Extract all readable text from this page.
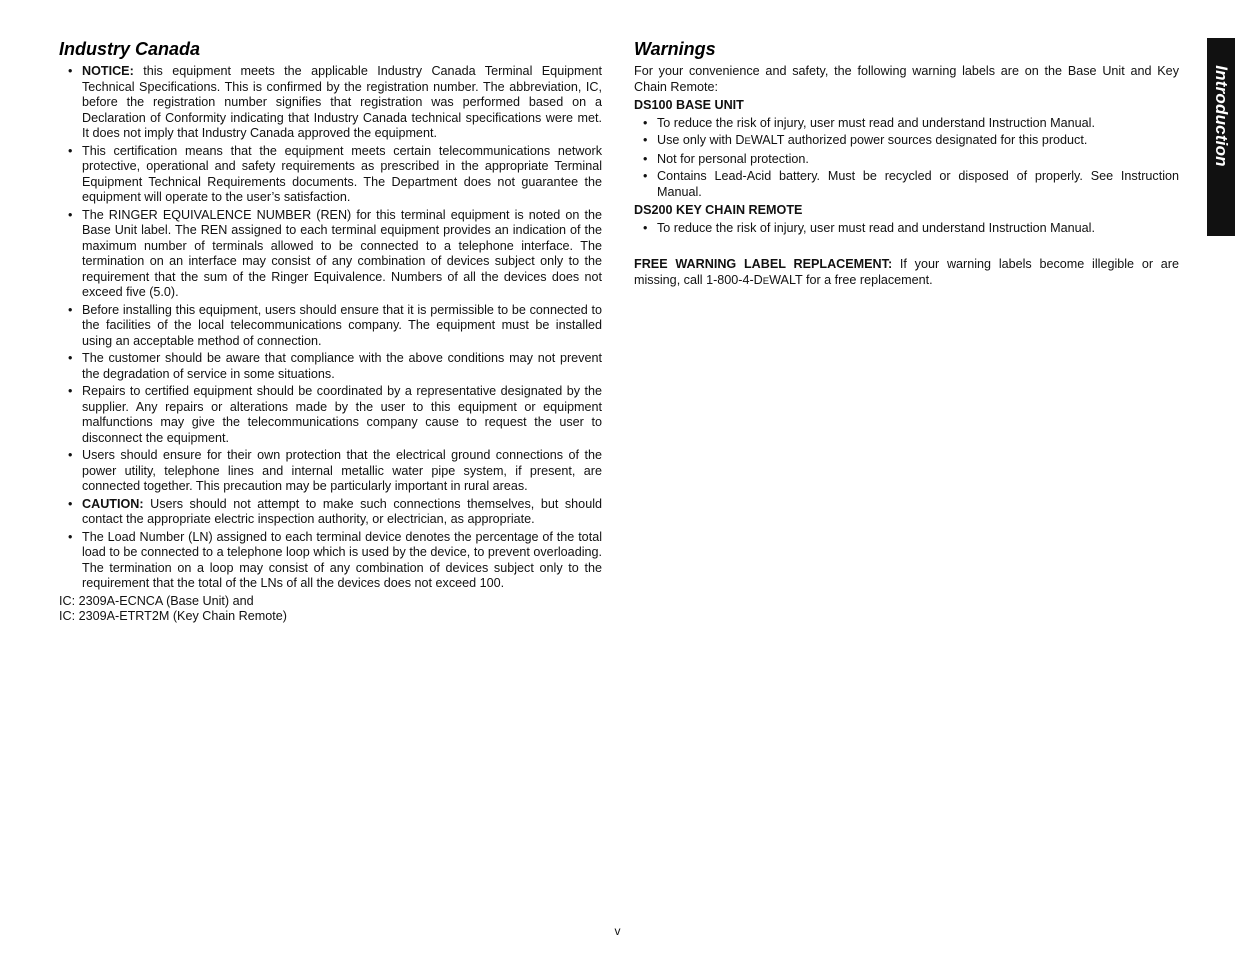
Industry Canada
• NOTICE: this equipment meets the applicable Industry Canada Terminal Equipment Technical Specifications. This is confirmed by the registration number. The abbreviation, IC, before the registration number signifies that registration was performed based on a Declaration of Conformity indicating that Industry Canada technical specifications were met. It does not imply that Industry Canada approved the equipment.
• This certification means that the equipment meets certain telecommunications network protective, operational and safety requirements as prescribed in the appropriate Terminal Equipment Technical Requirements documents. The Department does not guarantee the equipment will operate to the user’s satisfaction.
• The RINGER EQUIVALENCE NUMBER (REN) for this terminal equipment is noted on the Base Unit label. The REN assigned to each terminal equipment provides an indication of the maximum number of terminals allowed to be connected to a telephone interface. The termination on an interface may consist of any combination of devices subject only to the requirement that the sum of the Ringer Equivalence. Numbers of all the devices does not exceed five (5.0).
• Before installing this equipment, users should ensure that it is permissible to be connected to the facilities of the local telecommunications company. The equipment must be installed using an acceptable method of connection.
• The customer should be aware that compliance with the above conditions may not prevent the degradation of service in some situations.
• Repairs to certified equipment should be coordinated by a representative designated by the supplier. Any repairs or alterations made by the user to this equipment or equipment malfunctions may give the telecommunications company cause to request the user to disconnect the equipment.
• Users should ensure for their own protection that the electrical ground connections of the power utility, telephone lines and internal metallic water pipe system, if present, are connected together. This precaution may be particularly important in rural areas.
• CAUTION: Users should not attempt to make such connections themselves, but should contact the appropriate electric inspection authority, or electrician, as appropriate.
• The Load Number (LN) assigned to each terminal device denotes the percentage of the total load to be connected to a telephone loop which is used by the device, to prevent overloading. The termination on a loop may consist of any combination of devices subject only to the requirement that the total of the LNs of all the devices does not exceed 100.

IC: 2309A-ECNCA (Base Unit) and

IC: 2309A-ETRT2M (Key Chain Remote)

Warnings

For your convenience and safety, the following warning labels are on the Base Unit and Key Chain Remote:

DS100 BASE UNIT

• To reduce the risk of injury, user must read and understand Instruction Manual.
• Use only with DEWALT authorized power sources designated for this product.
• Not for personal protection.
• Contains Lead-Acid battery. Must be recycled or disposed of properly. See Instruction Manual.

DS200 KEY CHAIN REMOTE

• To reduce the risk of injury, user must read and understand Instruction Manual.

FREE WARNING LABEL REPLACEMENT: If your warning labels become illegible or are missing, call 1-800-4-DEWALT for a free replacement.

Introduction
v
